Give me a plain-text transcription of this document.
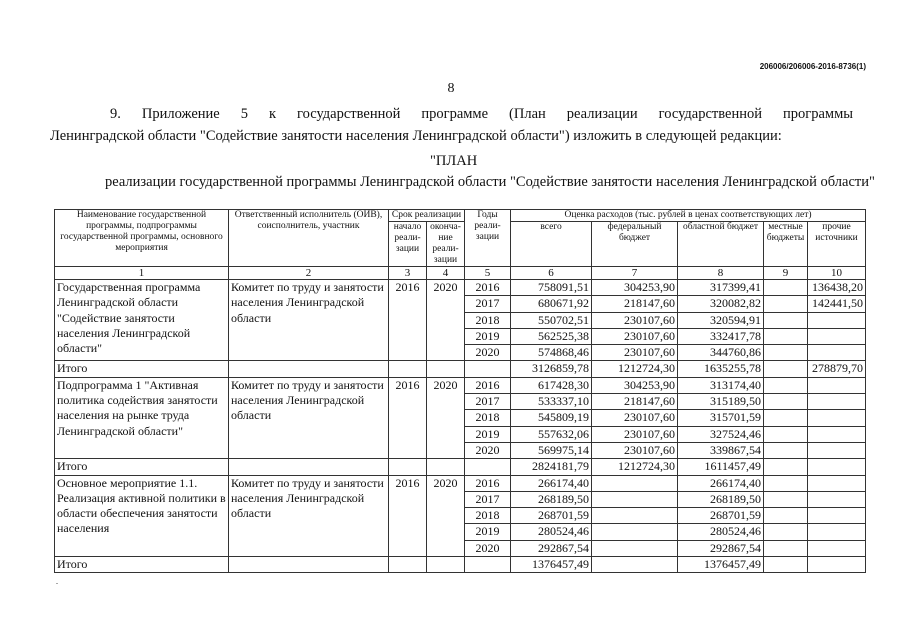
206006/206006-2016-8736(1)
8
9. Приложение 5 к государственной программе (План реализации государственной программы
Ленинградской области "Содействие занятости населения Ленинградской области") изложить в следующей редакции:
"ПЛАН
реализации государственной программы Ленинградской области "Содействие занятости населения Ленинградской области"
Наименование государственной программы, подпрограммы государственной программы, основного мероприятия	Ответственный исполнитель (ОИВ), соисполнитель, участник	Срок реализации		Годы реали-зации	Оценка расходов (тыс. рублей в ценах соответствующих лет)				
		начало реали-зации	оконча-ние реали-зации		всего	федеральный бюджет	областной бюджет	местные бюджеты	прочие источники
1	2	3	4	5	6	7	8	9	10
Государственная программа Ленинградской области "Содействие занятости населения Ленинградской области"	Комитет по труду и занятости населения Ленинградской области	2016	2020	2016	758091,51	304253,90	317399,41		136438,20
				2017	680671,92	218147,60	320082,82		142441,50
				2018	550702,51	230107,60	320594,91		
				2019	562525,38	230107,60	332417,78		
				2020	574868,46	230107,60	344760,86		
Итого					3126859,78	1212724,30	1635255,78		278879,70
Подпрограмма 1 "Активная политика содействия занятости населения на рынке труда Ленинградской области"	Комитет по труду и занятости населения Ленинградской области	2016	2020	2016	617428,30	304253,90	313174,40		
				2017	533337,10	218147,60	315189,50		
				2018	545809,19	230107,60	315701,59		
				2019	557632,06	230107,60	327524,46		
				2020	569975,14	230107,60	339867,54		
Итого					2824181,79	1212724,30	1611457,49		
Основное мероприятие 1.1. Реализация активной политики в области обеспечения занятости населения	Комитет по труду и занятости населения Ленинградской области	2016	2020	2016	266174,40		266174,40		
				2017	268189,50		268189,50		
				2018	268701,59		268701,59		
				2019	280524,46		280524,46		
				2020	292867,54		292867,54		
Итого					1376457,49		1376457,49		
.
